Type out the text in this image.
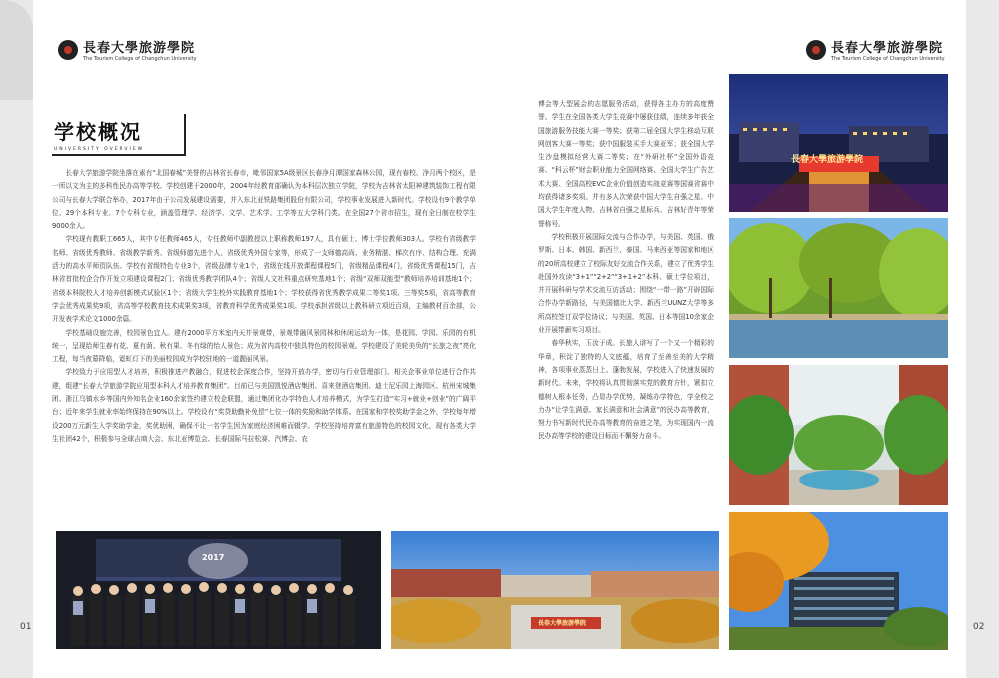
長春大學旅游學院
The Tourism College of Changchun University
長春大學旅游學院
The Tourism College of Changchun University
学校概况
UNIVERSITY OVERVIEW

长春大学旅游学院坐落在素有“北国春城”美誉的吉林省长春市，毗邻国家5A级景区长春净月潭国家森林公园，现有春校、净月两个校区，是一所以文为主的多科性民办高等学校。学校创建于2000年，2004年经教育部确认为本科层次独立学院，学校为吉林省太阳神建筑装饰工程有限公司与长春大学联合举办，2017年由于公司发展建设需要，并入东北亚铁路集团股份有限公司，学校事业发展进入新时代。学校设有9个教学单位、29个本科专业、7个专科专业，涵盖管理学、经济学、文学、艺术学、工学等五大学科门类。在全国27个省市招生，现有全日制在校学生9000余人。

学校现有教职工665人，其中专任教师465人，专任教师中副教授以上职称教师197人，具有硕士、博士学位教师303人。学校有省级教学名师、省级优秀教师、省级教学新秀、省级师德先进个人、省级优秀外国专家等，形成了一支师德高尚、业务精湛、梯次有序、结构合理、充满活力的高水平师资队伍。学校有省级特色专业3个，省级品牌专业1个，省级在线开放课程课程5门，省级精品课程4门，省级优秀课程15门，吉林省首批校企合作开发立项建设课程2门；省级优秀教学团队4个；省级人文社科重点研究基地1个；省级“双师双能型”教师培养培训基地1个；省级本科院校人才培养创新模式试验区1个；省级大学生校外实践教育基地1个；学校获得省优秀教学成果二等奖1项、三等奖5项，省高等教育学会优秀成果奖9项，省高等学校教育技术成果奖3项，省教育科学优秀成果奖1项。学校承担省级以上教科研立项近百项，主编教材百余部，公开发表学术论文1000余篇。

学校基础设施完善，校园景色宜人。建有2000平方米室内天井景观带，景观带融风景园林和休闲运动为一体，是花园、学园、乐园的有机统一，呈现给师生春有花、夏有荫、秋有果、冬有绿的怡人景色；成为省内高校中独具特色的校园景观。学校建设了美轮美奂的“长旅之夜”亮化工程，每当夜幕降临，霓虹灯下的美丽校园成为学校驻地的一道靓丽风景。

学校致力于应用型人才培养，积极推进产教融合，促进校企深度合作，坚持开放办学，密切与行业管理部门、相关企事业单位进行合作共建，组建“长春大学旅游学院应用型本科人才培养教育集团”。目前已与美国凯悦酒店集团、喜来登酒店集团、迪士尼乐园上海园区、杭州宋城集团、浙江乌镇水乡等国内外知名企业160余家签约建立校企联盟，通过集团化办学特色人才培养模式，为学生打造“实习+就业+创业”的广阔平台；近年来学生就业率始终保持在90%以上。学校设有“奖贷助勤补免偿”七位一体的奖励和助学体系。在国家和学校奖助学金之外，学校每年增设200万元新生入学奖助学金，奖优助困，确保不让一名学生因为家庭经济困难而辍学。学校坚持培育富有旅游特色的校园文化，现有各类大学生社团42个，积极参与全球吉商大会、东北亚博览会、长春国际马拉松赛、汽博会、农

博会等大型展会的志愿服务活动，获得各主办方的高度赞誉。学生在全国各类大学生竞赛中屡获佳绩，连续多年获全国旅游服务技能大赛一等奖；获第二届全国大学生移动互联网创客大赛一等奖；获中国服装买手大赛亚军；获全国大学生沙盘模拟经营大赛二等奖；在“外研社杯”全国外语竞赛、“科云杯”财会职业能力全国网络赛、全国大学生广告艺术大赛、全国高校EVC企业价值创造实战竞赛等国赛省赛中均获得诸多奖项。并有多人次荣获中国大学生自强之星、中国大学生年度人物、吉林省自强之星标兵、吉林好青年等荣誉称号。

学校积极开展国际交流与合作办学，与美国、英国、俄罗斯、日本、韩国、新西兰、泰国、马来西亚等国家和地区的20所高校建立了校际友好交流合作关系，建立了优秀学生赴国外攻读“3+1”“2+2”“3+1+2”本科、硕士学位项目，并开展科研与学术交流互访活动；围绕“一带一路”开辟国际合作办学新路径，与美国德比大学、新西兰UUNZ大学等多所高校签订双学位协议；与美国、英国、日本等国10余家企业开展带薪实习项目。

春华秋实，玉汝于成。长旅人谱写了一个又一个精彩的华章，积淀了独特的人文底蕴，培育了至善至美的大学精神，各项事业蒸蒸日上、蓬勃发展，学校进入了快速发展的新时代。未来，学校将认真贯彻落实党的教育方针，紧扣立德树人根本任务，凸显办学优势，凝练办学特色，学全校之力办“让学生满意、家长满意和社会满意”的民办高等教育，努力书写新时代民办高等教育的奋进之笔，为实现国内一流民办高等学校的建设目标而不懈努力奋斗。

長春大學旅游學院
2017
長春大學旅游學院
01	02
